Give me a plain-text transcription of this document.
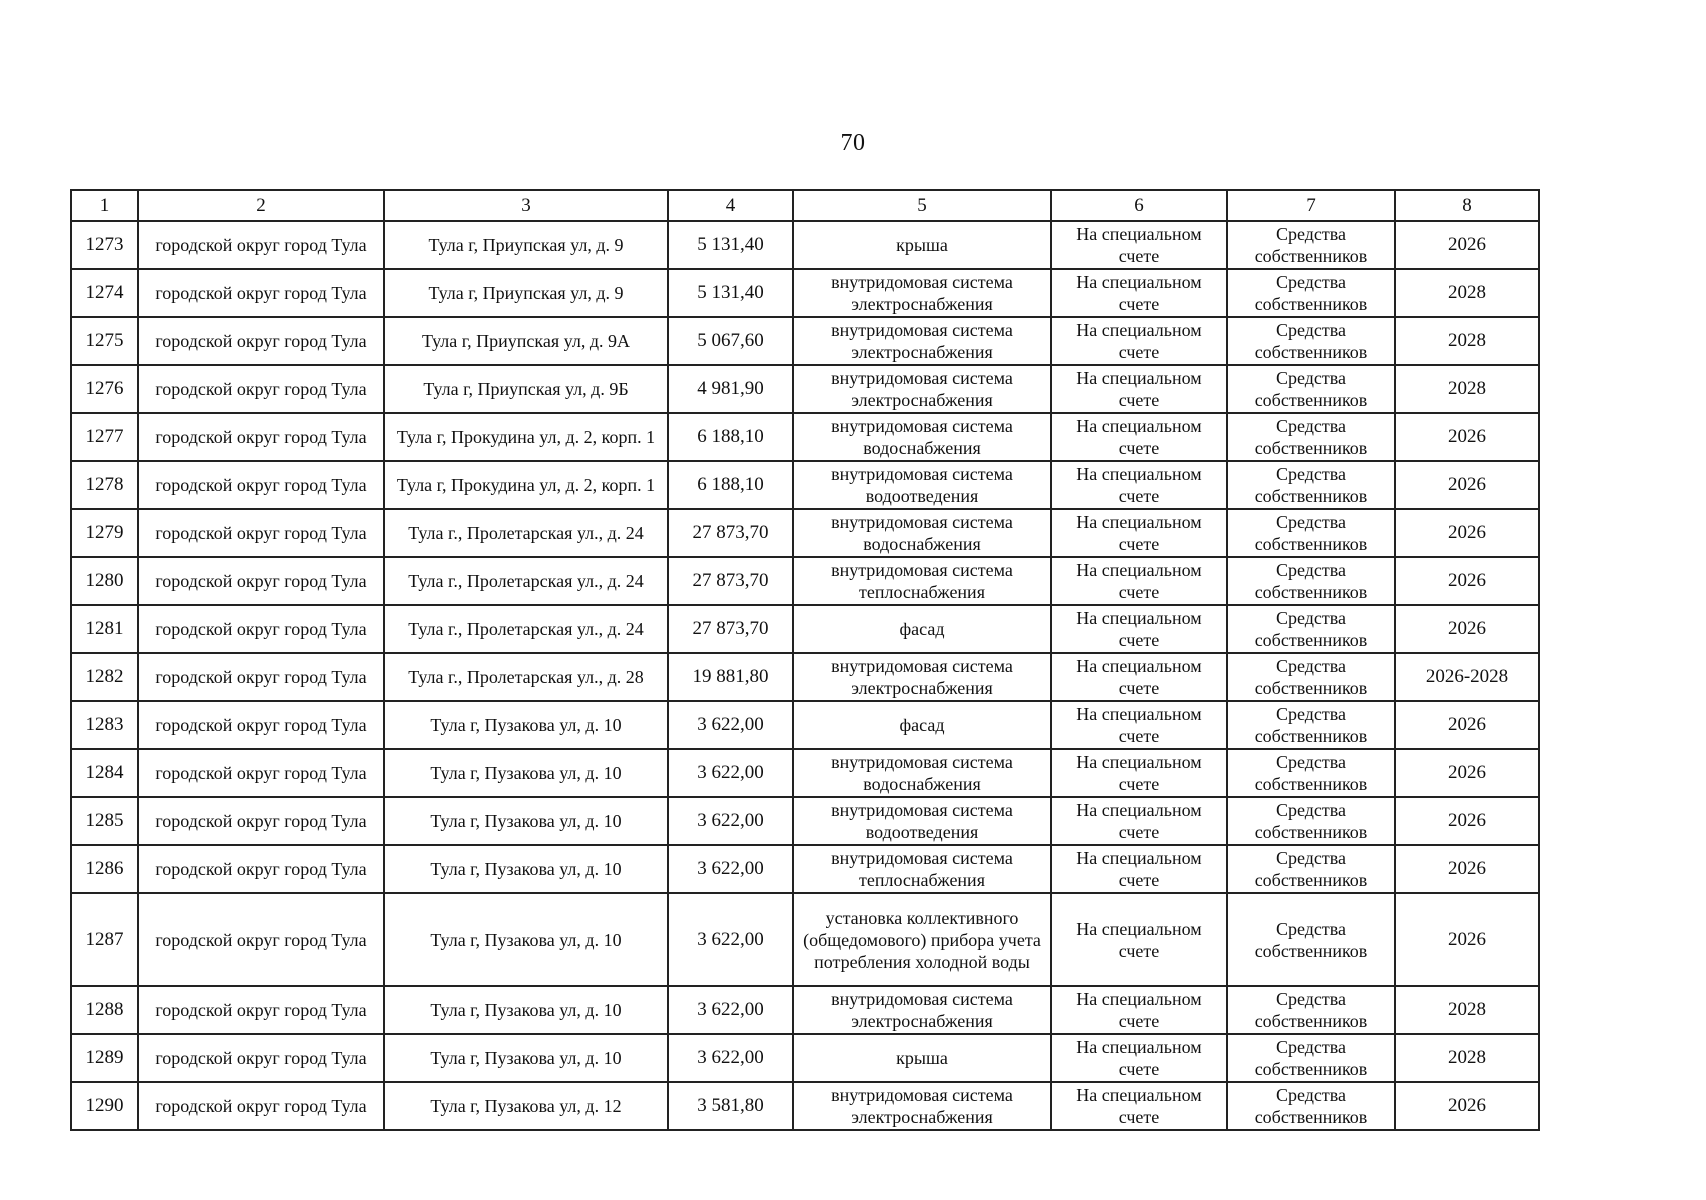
70
1	2	3	4	5	6	7	8
1273	городской округ город Тула	Тула г, Приупская ул, д. 9	5 131,40	крыша	На специальном счете	Средства собственников	2026
1274	городской округ город Тула	Тула г, Приупская ул, д. 9	5 131,40	внутридомовая система электроснабжения	На специальном счете	Средства собственников	2028
1275	городской округ город Тула	Тула г, Приупская ул, д. 9А	5 067,60	внутридомовая система электроснабжения	На специальном счете	Средства собственников	2028
1276	городской округ город Тула	Тула г, Приупская ул, д. 9Б	4 981,90	внутридомовая система электроснабжения	На специальном счете	Средства собственников	2028
1277	городской округ город Тула	Тула г, Прокудина ул, д. 2, корп. 1	6 188,10	внутридомовая система водоснабжения	На специальном счете	Средства собственников	2026
1278	городской округ город Тула	Тула г, Прокудина ул, д. 2, корп. 1	6 188,10	внутридомовая система водоотведения	На специальном счете	Средства собственников	2026
1279	городской округ город Тула	Тула г., Пролетарская ул., д. 24	27 873,70	внутридомовая система водоснабжения	На специальном счете	Средства собственников	2026
1280	городской округ город Тула	Тула г., Пролетарская ул., д. 24	27 873,70	внутридомовая система теплоснабжения	На специальном счете	Средства собственников	2026
1281	городской округ город Тула	Тула г., Пролетарская ул., д. 24	27 873,70	фасад	На специальном счете	Средства собственников	2026
1282	городской округ город Тула	Тула г., Пролетарская ул., д. 28	19 881,80	внутридомовая система электроснабжения	На специальном счете	Средства собственников	2026-2028
1283	городской округ город Тула	Тула г, Пузакова ул, д. 10	3 622,00	фасад	На специальном счете	Средства собственников	2026
1284	городской округ город Тула	Тула г, Пузакова ул, д. 10	3 622,00	внутридомовая система водоснабжения	На специальном счете	Средства собственников	2026
1285	городской округ город Тула	Тула г, Пузакова ул, д. 10	3 622,00	внутридомовая система водоотведения	На специальном счете	Средства собственников	2026
1286	городской округ город Тула	Тула г, Пузакова ул, д. 10	3 622,00	внутридомовая система теплоснабжения	На специальном счете	Средства собственников	2026
1287	городской округ город Тула	Тула г, Пузакова ул, д. 10	3 622,00	установка коллективного (общедомового) прибора учета потребления холодной воды	На специальном счете	Средства собственников	2026
1288	городской округ город Тула	Тула г, Пузакова ул, д. 10	3 622,00	внутридомовая система электроснабжения	На специальном счете	Средства собственников	2028
1289	городской округ город Тула	Тула г, Пузакова ул, д. 10	3 622,00	крыша	На специальном счете	Средства собственников	2028
1290	городской округ город Тула	Тула г, Пузакова ул, д. 12	3 581,80	внутридомовая система электроснабжения	На специальном счете	Средства собственников	2026
